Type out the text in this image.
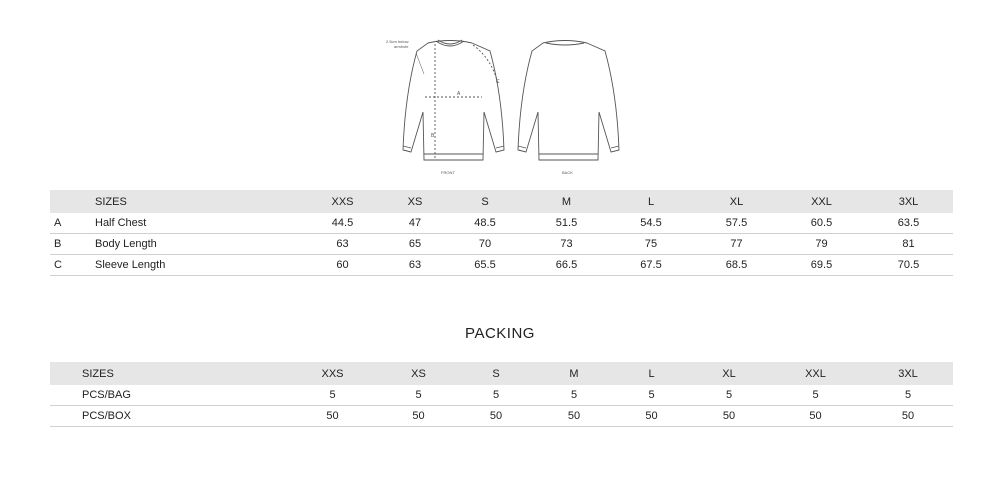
2.5cm below
armhole
A
B
C
FRONT	BACK
	SIZES	XXS	XS	S	M	L	XL	XXL	3XL
A	Half Chest	44.5	47	48.5	51.5	54.5	57.5	60.5	63.5
B	Body Length	63	65	70	73	75	77	79	81
C	Sleeve Length	60	63	65.5	66.5	67.5	68.5	69.5	70.5
PACKING
SIZES	XXS	XS	S	M	L	XL	XXL	3XL
PCS/BAG	5	5	5	5	5	5	5	5
PCS/BOX	50	50	50	50	50	50	50	50
